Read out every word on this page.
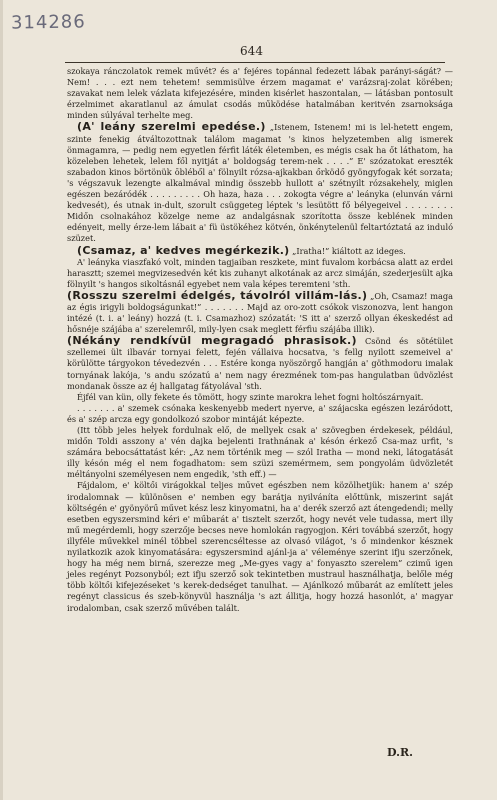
314286
644

szokaya ránczolatok remek művét? és a' fejéres topánnal fedezett lábak parányi-ságát? — Nem! . . . ezt nem tehetem! semmisülve érzem magamat e' varázsraj-zolat körében; szavakat nem lelek vázlata kifejezésére, minden kisérlet haszontalan, — látásban pontosult érzelmimet akaratlanul az ámulat csodás működése hatalmában keritvén zsarnoksága minden súlyával terhelte meg.

(A' leány szerelmi epedése.) „Istenem, Istenem! mi is lel-hetett engem, szinte fenekig átváltozottnak találom magamat 's kinos helyzetemben alig ismerek önmagamra, — pedig nem egyetlen férfit láték életemben, es mégis csak ha őt láthatom, ha közeleben lehetek, lelem fől nyitját a' boldogság terem-nek . . . .” E' szózatokat ereszték szabadon kinos börtönük ōbléből a' fölnyilt rózsa-ajkakban őrködő gyöngyfogak két sorzata; 's végszavuk lezengte alkalmával mindig összebb hullott a' szétnyilt rózsakehely, miglen egészen bezáródék . . . . . . . . . Oh haza, haza . . . zokogta végre a' leányka (elunván várni kedvesét), és utnak in-dult, szorult csüggeteg léptek 's lesütött fő bélyegeivel . . . . . . . . Midőn csolnakához közelge neme az andalgásnak szorította össze keblének minden edényeit, melly érze-lem lábait a' fü üstökéhez kötvén, önkénytelenül feltartóztatá az induló szüzet.

(Csamaz, a' kedves megérkezik.) „Iratha!” kiáltott az ideges.

A' leányka viaszfakó volt, minden tagjaiban reszkete, mint fuvalom korbácsa alatt az erdei harasztt; szemei megvizesedvén két kis zuhanyt alkotának az arcz simáján, szederjesült ajka fölnyilt 's hangos sikoltásnál egyebet nem vala képes teremteni 'sth.

(Rosszu szerelmi édelgés, távolról villám-lás.) „Oh, Csamaz! maga az égis irigyli boldogságunkat!” . . . . . . . Majd az oro-zott csókok viszonozva, lent hangon intézé (t. i. a' leány) hozzá (t. i. Csamazhoz) szózatát: 'S itt a' szerző ollyan ékeskedést ad hősnéje szájába a' szerelemről, mily-lyen csak meglett férfiu szájába illik).

(Nékány rendkívül megragadó phrasisok.) Csönd és sötétület szellemei ült ilbavár tornyai felett, fején vállaiva hocsatva, 's fellg nyilott szemeivel a' körülötte tárgyokon tévedezvén . . . Estére konga nyöszörgő hangján a' göthmodoru imalak tornyának lakója, 's andu szózatú a' nem nagy érezmének tom-pas hangulatban üdvözlést mondanak össze az éj hallgatag fátyolával 'sth.

Éjfél van kün, olly fekete és tömött, hogy szinte marokra lehet fogni holtószárnyait.

. . . . . . . a' szemek csónaka keskenyebb medert nyerve, a' szájacska egészen lezáródott, és a' szép arcza egy gondolkozó szobor mintáját képezte.

(Itt több jeles helyek fordulnak elő, de mellyek csak a' szövegben érdekesek, például, midőn Toldi asszony a' vén dajka bejelenti Irathnának a' késón érkező Csa-maz urfit, 's számára bebocsáttatást kér: „Az nem történik meg — szól Iratha — mond neki, látogatását illy késón még el nem fogadhatom: sem szüzi szemérmem, sem pongyolám üdvözletét méltányolni személyesen nem engedik, 'sth eff.) —

Fájdalom, e' költői virágokkal teljes művet egészben nem közölhetjük: hanem a' szép irodalomnak — különösen e' nemben egy barátja nyilváníta előttünk, miszerint saját költségén e' gyönyörű művet kész lesz kinyomatni, ha a' derék szerző azt átengedendi; melly esetben egyszersmind kéri e' műbarát a' tisztelt szerzőt, hogy nevét vele tudassa, mert illy mű megérdemli, hogy szerzője becses neve homlokán ragyogjon. Kéri továbbá szerzőt, hogy illyféle művekkel minél többel szerencséltesse az olvasó világot, 's ő mindenkor késznek nyilatkozik azok kinyomatására: egyszersmind ajánl-ja a' véleménye szerint ifju szerzőnek, hogy ha még nem birná, szerezze meg „Me-gyes vagy a' fonyaszto szerelem” czimű igen jeles regényt Pozsonyból; ezt ifju szerző sok tekintetben mustraul használhatja, belőle még több költői kifejezéseket 's kerek-dedséget tanulhat. — Ajánlkozó műbarát az említett jeles regényt classicus és szeb-könyvül használja 's azt állitja, hogy hozzá hasonlót, a' magyar irodalomban, csak szerző művében talált.

D.R.
